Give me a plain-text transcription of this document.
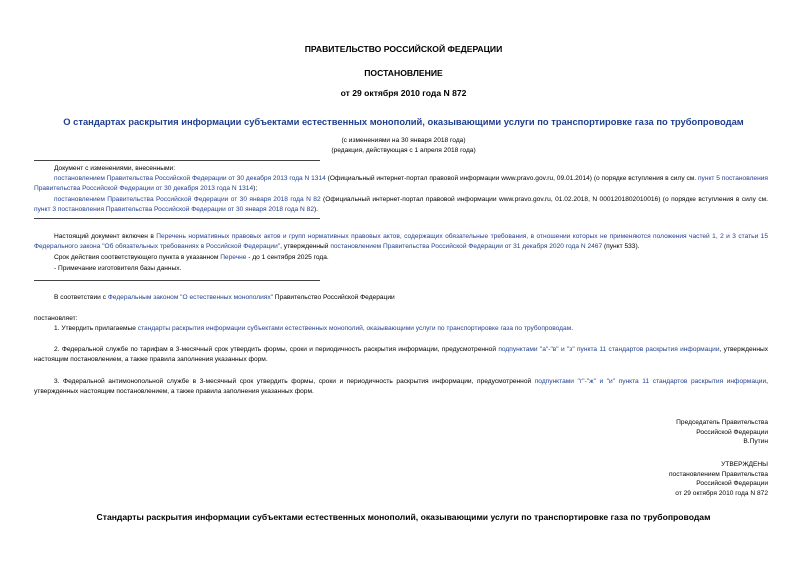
ПРАВИТЕЛЬСТВО РОССИЙСКОЙ ФЕДЕРАЦИИ
ПОСТАНОВЛЕНИЕ
от 29 октября 2010 года N 872
О стандартах раскрытия информации субъектами естественных монополий, оказывающими услуги по транспортировке газа по трубопроводам
(с изменениями на 30 января 2018 года)
(редакция, действующая с 1 апреля 2018 года)
Документ с изменениями, внесенными:
постановлением Правительства Российской Федерации от 30 декабря 2013 года N 1314 (Официальный интернет-портал правовой информации www.pravo.gov.ru, 09.01.2014) (о порядке вступления в силу см. пункт 5 постановления Правительства Российской Федерации от 30 декабря 2013 года N 1314);
постановлением Правительства Российской Федерации от 30 января 2018 года N 82 (Официальный интернет-портал правовой информации www.pravo.gov.ru, 01.02.2018, N 0001201802010016) (о порядке вступления в силу см. пункт 3 постановления Правительства Российской Федерации от 30 января 2018 года N 82).
Настоящий документ включен в Перечень нормативных правовых актов и групп нормативных правовых актов, содержащих обязательные требования, в отношении которых не применяются положения частей 1, 2 и 3 статьи 15 Федерального закона "Об обязательных требованиях в Российской Федерации", утвержденный постановлением Правительства Российской Федерации от 31 декабря 2020 года N 2467 (пункт 533).
Срок действия соответствующего пункта в указанном Перечне - до 1 сентября 2025 года.
- Примечание изготовителя базы данных.
В соответствии с Федеральным законом "О естественных монополиях" Правительство Российской Федерации
постановляет:
1. Утвердить прилагаемые стандарты раскрытия информации субъектами естественных монополий, оказывающими услуги по транспортировке газа по трубопроводам.
2. Федеральной службе по тарифам в 3-месячный срок утвердить формы, сроки и периодичность раскрытия информации, предусмотренной подпунктами "а"-"в" и "з" пункта 11 стандартов раскрытия информации, утвержденных настоящим постановлением, а также правила заполнения указанных форм.
3. Федеральной антимонопольной службе в 3-месячный срок утвердить формы, сроки и периодичность раскрытия информации, предусмотренной подпунктами "г"-"ж" и "и" пункта 11 стандартов раскрытия информации, утвержденных настоящим постановлением, а также правила заполнения указанных форм.
Председатель Правительства
Российской Федерации
В.Путин
УТВЕРЖДЕНЫ
постановлением Правительства
Российской Федерации
от 29 октября 2010 года N 872
Стандарты раскрытия информации субъектами естественных монополий, оказывающими услуги по транспортировке газа по трубопроводам
